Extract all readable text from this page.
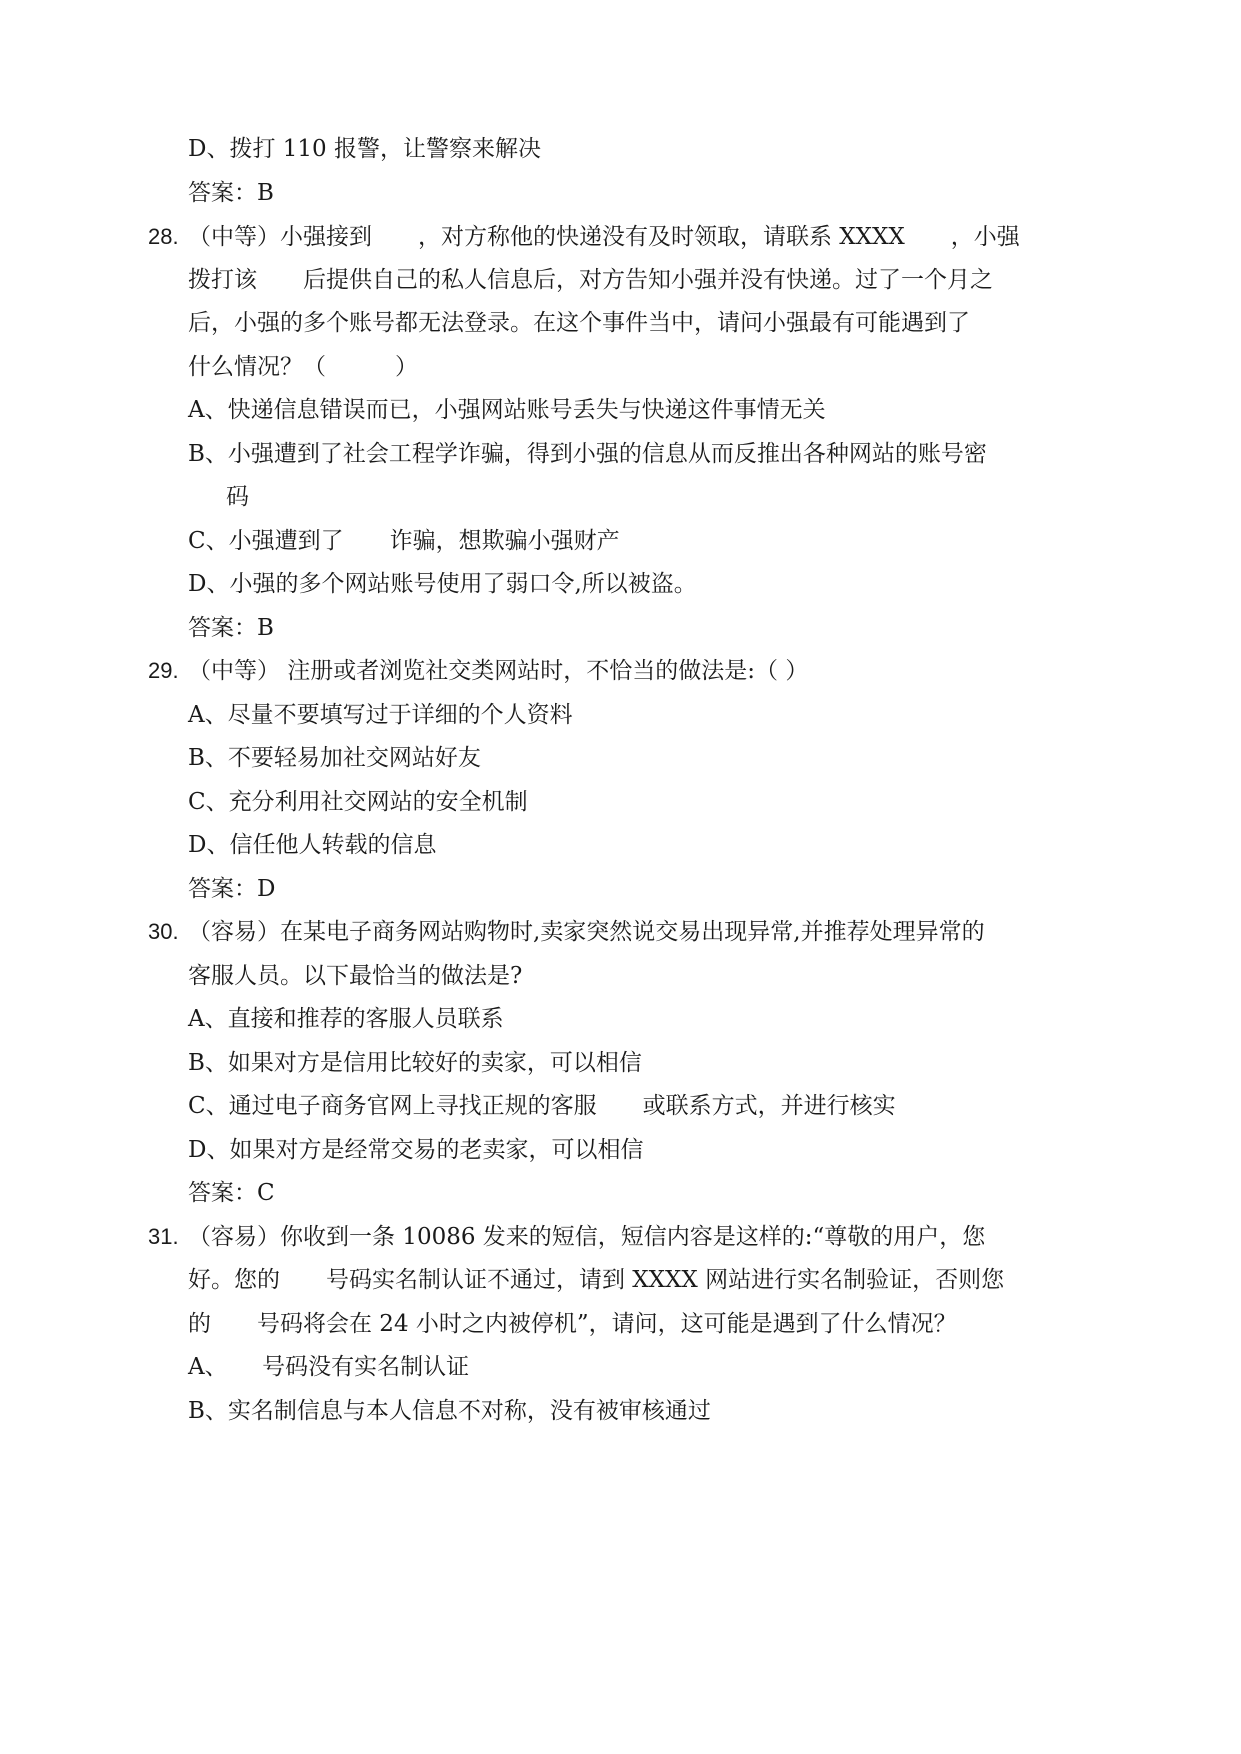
D、拨打 110 报警，让警察来解决
答案：B
28. （中等）小强接到　　，对方称他的快递没有及时领取，请联系 XXXX　　，小强
拨打该　　后提供自己的私人信息后，对方告知小强并没有快递。过了一个月之
后，小强的多个账号都无法登录。在这个事件当中，请问小强最有可能遇到了
什么情况？（　　　）
A、快递信息错误而已，小强网站账号丢失与快递这件事情无关
B、小强遭到了社会工程学诈骗，得到小强的信息从而反推出各种网站的账号密
码
C、小强遭到了　　诈骗，想欺骗小强财产
D、小强的多个网站账号使用了弱口令,所以被盗。
答案：B
29. （中等） 注册或者浏览社交类网站时，不恰当的做法是:（ ）
A、尽量不要填写过于详细的个人资料
B、不要轻易加社交网站好友
C、充分利用社交网站的安全机制
D、信任他人转载的信息
答案：D
30. （容易）在某电子商务网站购物时,卖家突然说交易出现异常,并推荐处理异常的
客服人员。以下最恰当的做法是?
A、直接和推荐的客服人员联系
B、如果对方是信用比较好的卖家，可以相信
C、通过电子商务官网上寻找正规的客服　　或联系方式，并进行核实
D、如果对方是经常交易的老卖家，可以相信
答案：C
31. （容易）你收到一条 10086 发来的短信，短信内容是这样的:“尊敬的用户，您
好。您的　　号码实名制认证不通过，请到 XXXX 网站进行实名制验证，否则您
的　　号码将会在 24 小时之内被停机”，请问，这可能是遇到了什么情况？
A、　　号码没有实名制认证
B、实名制信息与本人信息不对称，没有被审核通过
